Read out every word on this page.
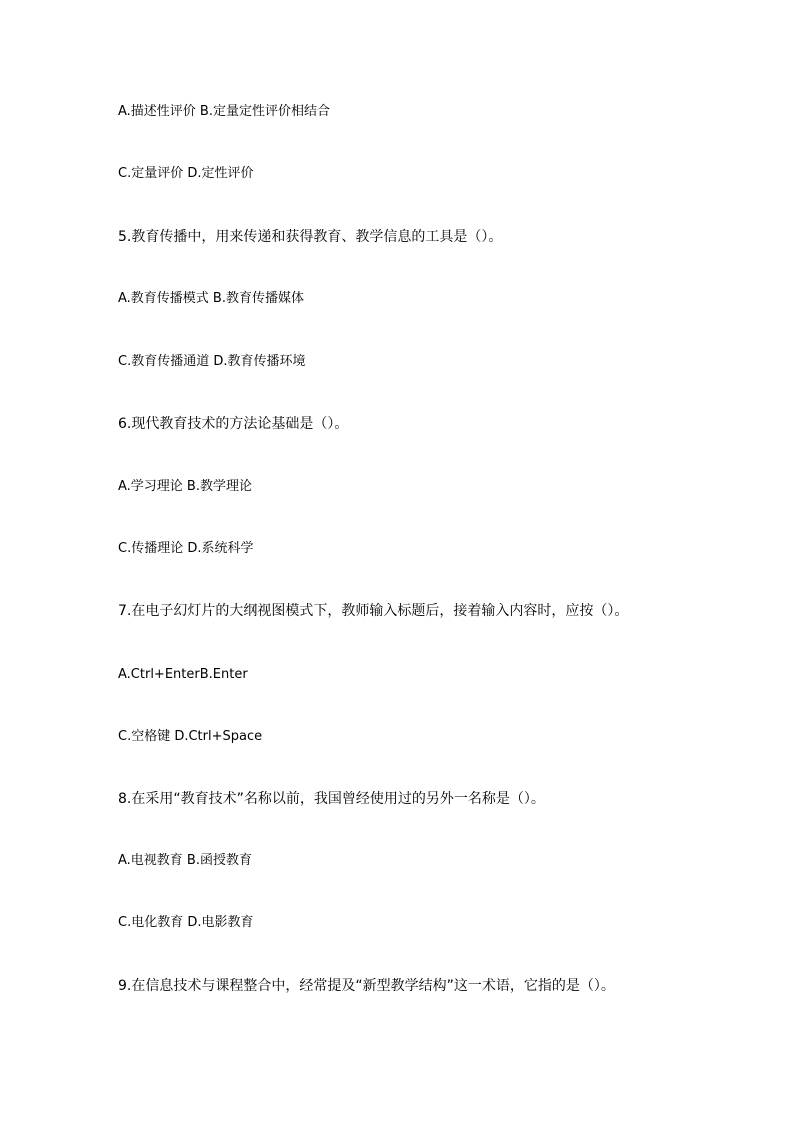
A.描述性评价 B.定量定性评价相结合
C.定量评价 D.定性评价
5.教育传播中，用来传递和获得教育、教学信息的工具是（）。
A.教育传播模式 B.教育传播媒体
C.教育传播通道 D.教育传播环境
6.现代教育技术的方法论基础是（）。
A.学习理论 B.教学理论
C.传播理论 D.系统科学
7.在电子幻灯片的大纲视图模式下，教师输入标题后，接着输入内容时，应按（）。
A.Ctrl+EnterB.Enter
C.空格键 D.Ctrl+Space
8.在采用“教育技术”名称以前，我国曾经使用过的另外一名称是（）。
A.电视教育 B.函授教育
C.电化教育 D.电影教育
9.在信息技术与课程整合中，经常提及“新型教学结构”这一术语，它指的是（）。
